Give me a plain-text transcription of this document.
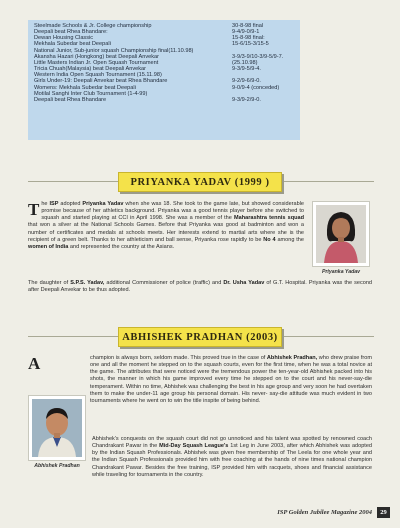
Steelmade Schools & Jr. College championship	30-8-98 final
Deepali beat Rhea Bhandare:	9-4/9-0/9-1
Dewan Housing Classic	15-8-98 final:
Mekhala Subedar beat Deepali	15-6/15-3/15-5
National Junior, Sub-junior squash Championship final(11.10.98)
Akansha Hazari (Hongkong) beat Deepali Anvekar	3-9/3-9/10-3/9-5/9-7.
Little Masters Indian Jr. Open Squash Tournament	(25.10.98)
Tricia Chuah(Malaysia) beat Deepali Anvekar	9-3/9-5/9-4.
Western India Open Squash Tournament (15.11.98)
Girls Under-19: Deepali Anvekar beat Rhea Bhandare	9-2/9-6/9-0.
Womens: Mekhala Subedar beat Deepali	9-0/9-4 (conceded)
Motilal Sanghi Inter Club Tournament (1-4-99)
Deepali beat Rhea Bhandare	9-3/9-2/9-0.
PRIYANKA YADAV (1999 )
The ISP adopted Priyanka Yadav when she was 18. She took to the game late, but showed considerable promise because of her athletics background. Priyanka was a good tennis player before she switched to squash and started playing at CCI in April 1998. She was a member of the Maharashtra tennis squad that won a silver at the National Schools Games. Before that Priyanka was good at badminton and won a number of certificates and medals at schools meets. Her interests extend to martial arts where she is the recipient of a green belt. Thanks to her athleticism and ball sense, Priyanka rose rapidly to be No 4 among the women of India and represented the country at the Asians.
Priyanka Yadav
The daughter of S.P.S. Yadav, additional Commissioner of police (traffic) and Dr. Usha Yadav of G.T. Hospital. Priyanka was the second after Deepali Anvekar to be thus adopted.
ABHISHEK PRADHAN (2003)
Abhishek Pradhan
A	champion is always born, seldom made. This proved true in the case of Abhishek Pradhan, who drew praise from one and all the moment he stepped on to the squash courts, even for the first time, when he was a total novice at the game. The attributes that were noticed were the tremendous power the ten-year-old Abhishek packed into his shots, the manner in which his game improved every time he stepped on to the court and his never-say-die temperament. Within no time, Abhishek was challenging the best in his age group and very soon he had overtaken them to make the under-11 age group his personal domain. His never- say-die attitude was much evident in two tournaments where he went on to win the title inspite of being behind.
Abhishek's conquests on the squash court did not go unnoticed and his talent was spotted by renowned coach Chandrakant Pawar in the Mid-Day Squash League's 1st Leg in June 2003, after which Abhishek was adopted by the Indian Squash Professionals. Abhishek was given free membership of The Leela for one whole year and the Indian Squash Professionals provided him with free coaching at the hands of nine times national champion Chandrakant Pawar. Besides the free training, ISP provided him with racquets, shoes and financial assistance while traveling for tournaments in the country.
ISP Golden Jubilee Magazine 2004	29
